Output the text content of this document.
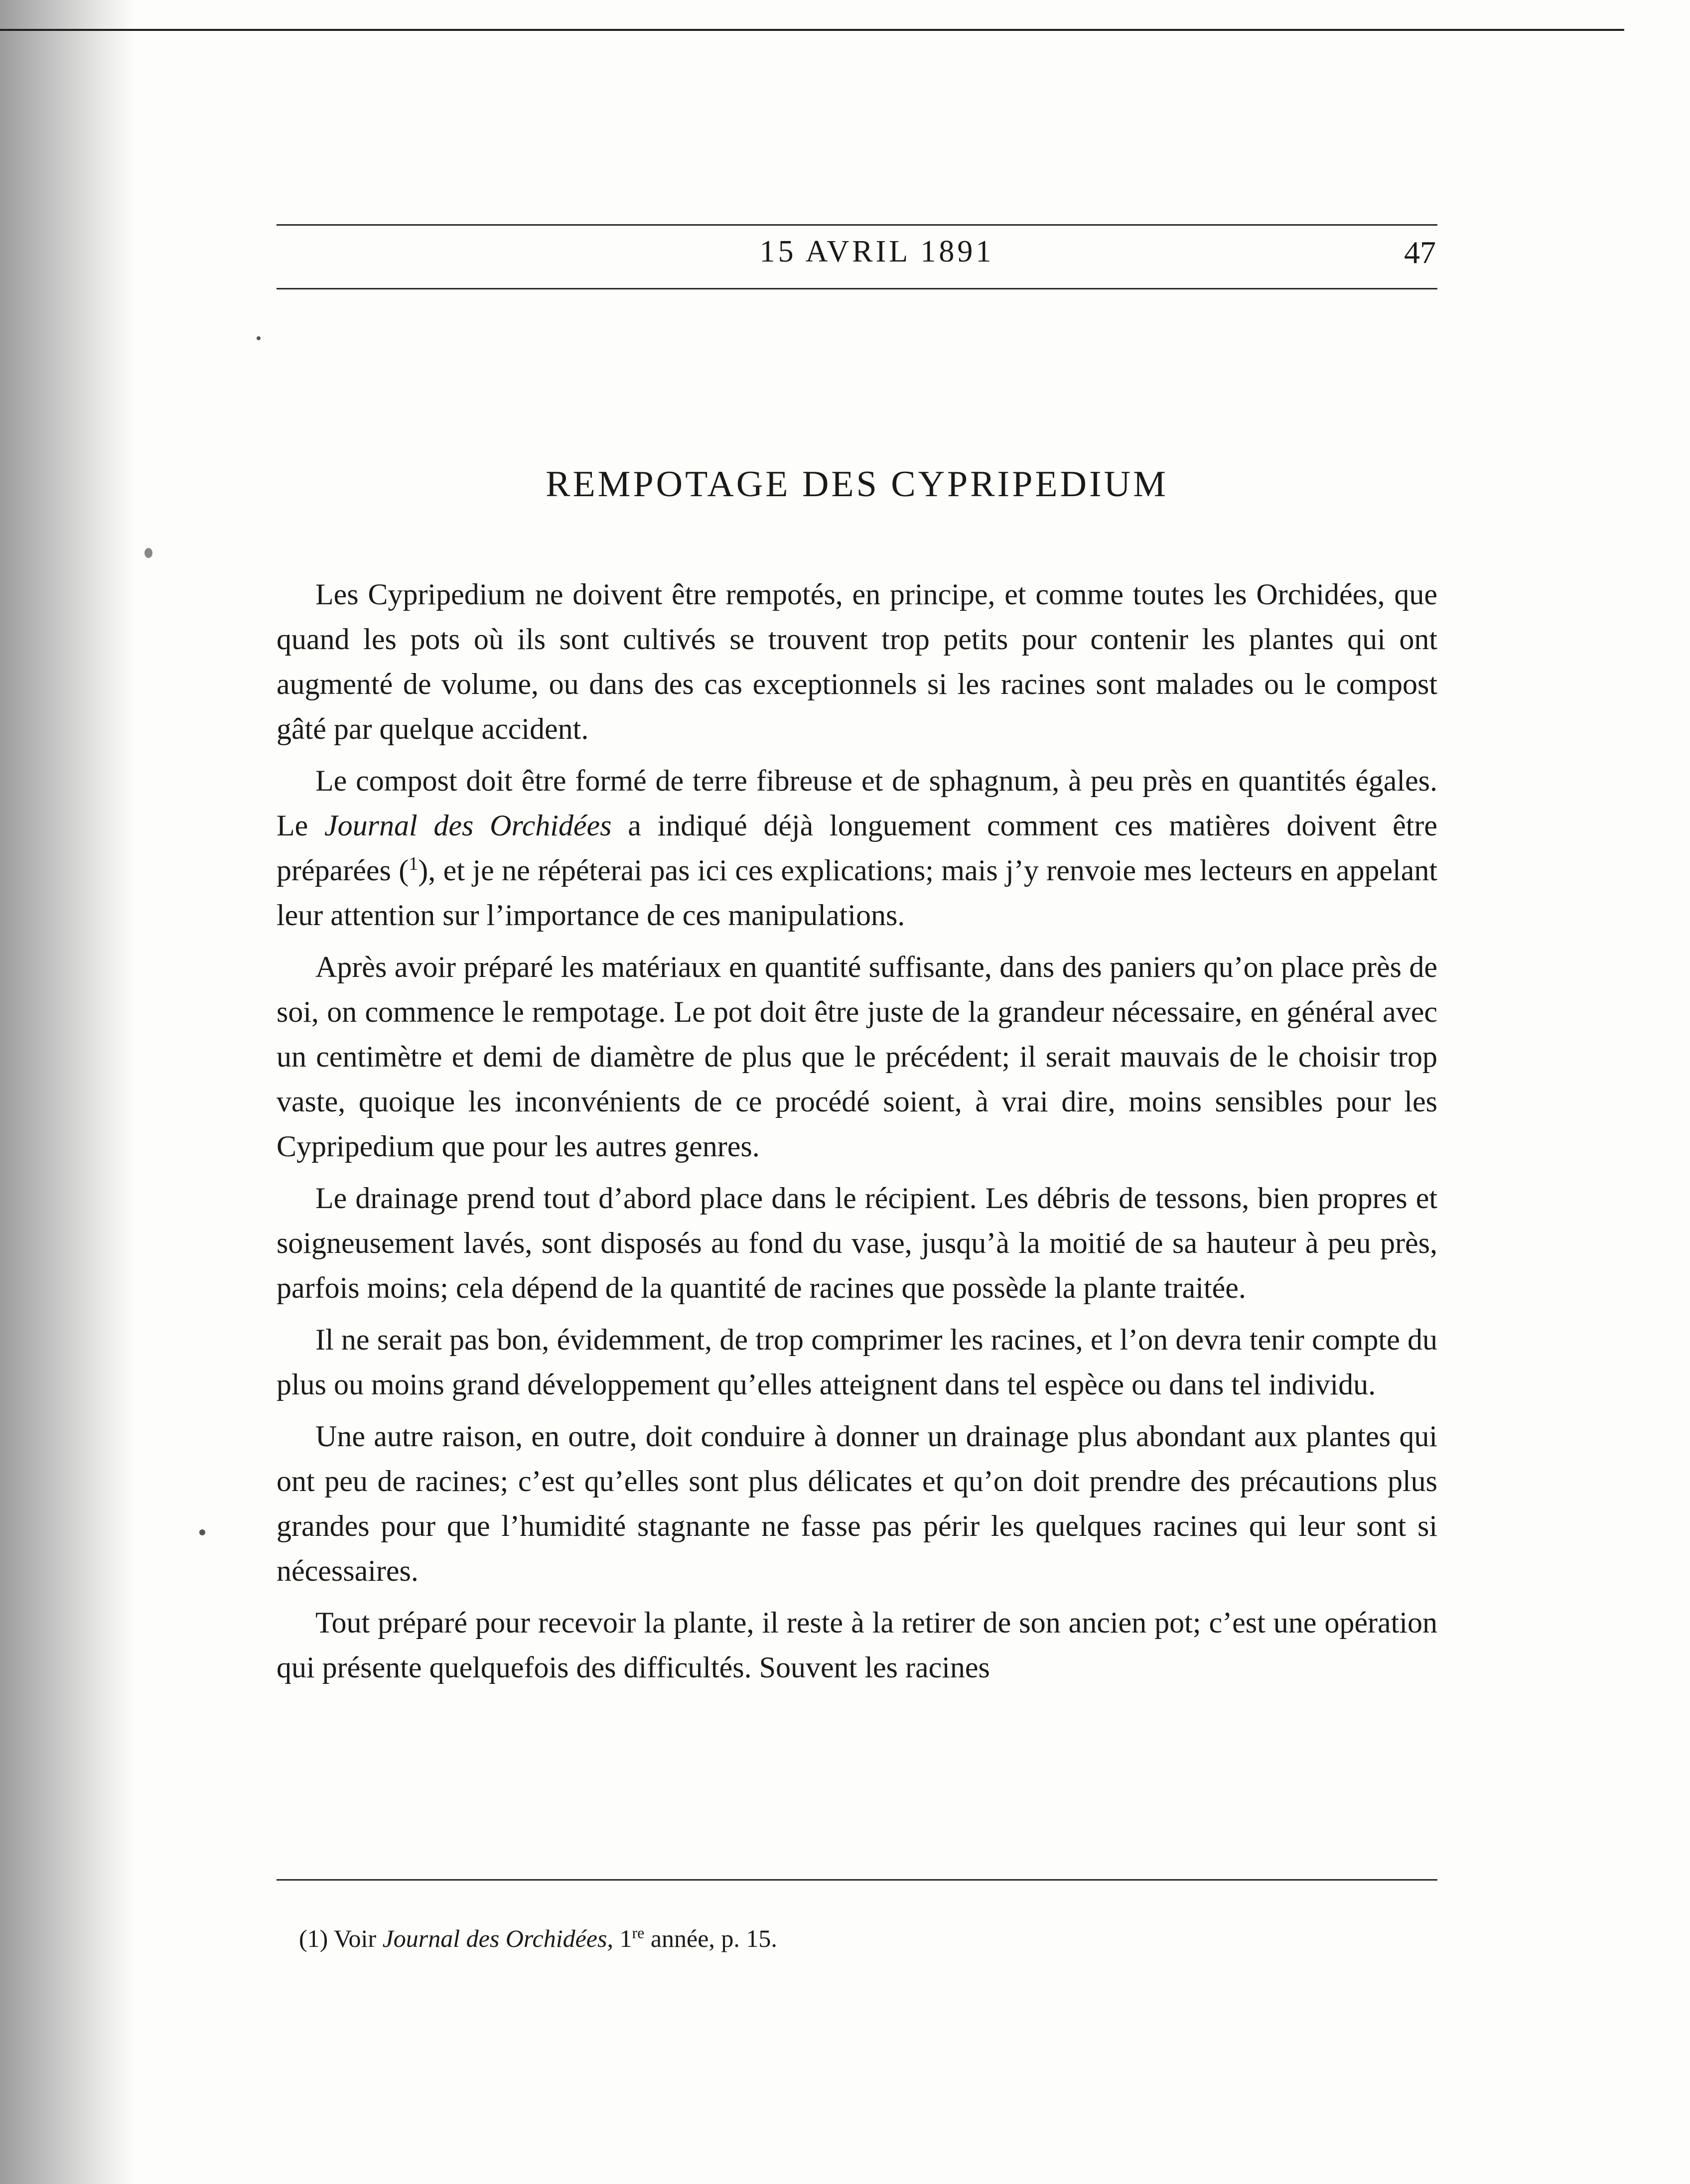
15 AVRIL 1891	47
REMPOTAGE DES CYPRIPEDIUM

Les Cypripedium ne doivent être rempotés, en principe, et comme toutes les Orchidées, que quand les pots où ils sont cultivés se trouvent trop petits pour contenir les plantes qui ont augmenté de volume, ou dans des cas exceptionnels si les racines sont malades ou le compost gâté par quelque accident.

Le compost doit être formé de terre fibreuse et de sphagnum, à peu près en quantités égales. Le Journal des Orchidées a indiqué déjà longuement comment ces matières doivent être préparées ($^1$), et je ne répéterai pas ici ces explications; mais j’y renvoie mes lecteurs en appelant leur attention sur l’importance de ces manipulations.

Après avoir préparé les matériaux en quantité suffisante, dans des paniers qu’on place près de soi, on commence le rempotage. Le pot doit être juste de la grandeur nécessaire, en général avec un centimètre et demi de diamètre de plus que le précédent; il serait mauvais de le choisir trop vaste, quoique les inconvénients de ce procédé soient, à vrai dire, moins sensibles pour les Cypripedium que pour les autres genres.

Le drainage prend tout d’abord place dans le récipient. Les débris de tessons, bien propres et soigneusement lavés, sont disposés au fond du vase, jusqu’à la moitié de sa hauteur à peu près, parfois moins; cela dépend de la quantité de racines que possède la plante traitée.

Il ne serait pas bon, évidemment, de trop comprimer les racines, et l’on devra tenir compte du plus ou moins grand développement qu’elles atteignent dans tel espèce ou dans tel individu.

Une autre raison, en outre, doit conduire à donner un drainage plus abondant aux plantes qui ont peu de racines; c’est qu’elles sont plus délicates et qu’on doit prendre des précautions plus grandes pour que l’humidité stagnante ne fasse pas périr les quelques racines qui leur sont si nécessaires.

Tout préparé pour recevoir la plante, il reste à la retirer de son ancien pot; c’est une opération qui présente quelquefois des difficultés. Souvent les racines

(1) Voir Journal des Orchidées, 1re année, p. 15.
